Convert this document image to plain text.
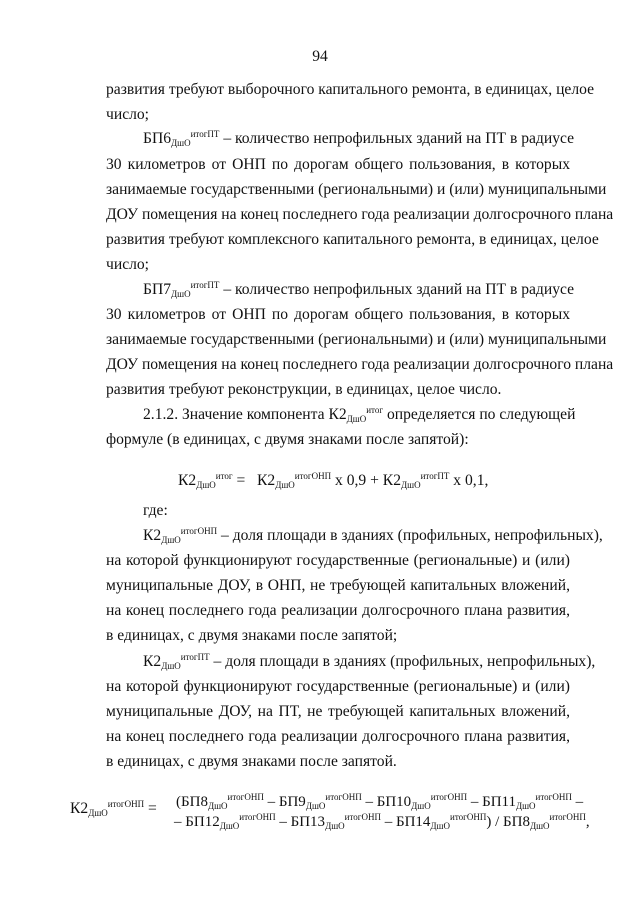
94
развития требуют выборочного капитального ремонта, в единицах, целое
число;
$БП6_{ДшО}^{итогПТ}$ – количество непрофильных зданий на ПТ в радиусе
30 километров от ОНП по дорогам общего пользования, в которых
занимаемые государственными (региональными) и (или) муниципальными
ДОУ помещения на конец последнего года реализации долгосрочного плана
развития требуют комплексного капитального ремонта, в единицах, целое
число;
$БП7_{ДшО}^{итогПТ}$ – количество непрофильных зданий на ПТ в радиусе
30 километров от ОНП по дорогам общего пользования, в которых
занимаемые государственными (региональными) и (или) муниципальными
ДОУ помещения на конец последнего года реализации долгосрочного плана
развития требуют реконструкции, в единицах, целое число.
2.1.2. Значение компонента $К2_{ДшО}^{итог}$ определяется по следующей
формуле (в единицах, с двумя знаками после запятой):
$К2_{ДшО}^{итог} = К2_{ДшО}^{итогОНП}$ x $0,9 + К2_{ДшО}^{итогПТ}$ x 0,1,
где:
$К2_{ДшО}^{итогОНП}$ – доля площади в зданиях (профильных, непрофильных),
на которой функционируют государственные (региональные) и (или)
муниципальные ДОУ, в ОНП, не требующей капитальных вложений,
на конец последнего года реализации долгосрочного плана развития,
в единицах, с двумя знаками после запятой;
$К2_{ДшО}^{итогПТ}$ – доля площади в зданиях (профильных, непрофильных),
на которой функционируют государственные (региональные) и (или)
муниципальные ДОУ, на ПТ, не требующей капитальных вложений,
на конец последнего года реализации долгосрочного плана развития,
в единицах, с двумя знаками после запятой.
$К2_{ДшО}^{итогОНП} = (БП8_{ДшО}^{итогОНП} - БП9_{ДшО}^{итогОНП} - БП10_{ДшО}^{итогОНП} - БП11_{ДшО}^{итогОНП}$ –
– $БП12_{ДшО}^{итогОНП} - БП13_{ДшО}^{итогОНП} - БП14_{ДшО}^{итогОНП}) / БП8_{ДшО}^{итогОНП}$,
